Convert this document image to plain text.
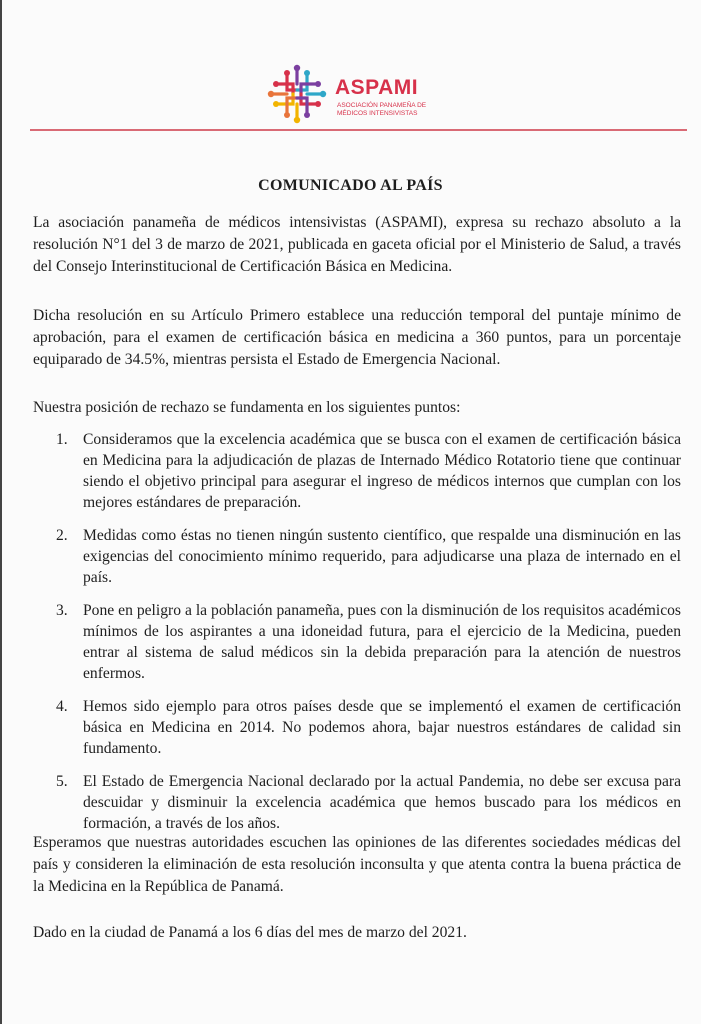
ASPAMI
ASOCIACIÓN PANAMEÑA DE MÉDICOS INTENSIVISTAS
COMUNICADO AL PAÍS

La asociación panameña de médicos intensivistas (ASPAMI), expresa su rechazo absoluto a la resolución N°1 del 3 de marzo de 2021, publicada en gaceta oficial por el Ministerio de Salud, a través del Consejo Interinstitucional de Certificación Básica en Medicina.

Dicha resolución en su Artículo Primero establece una reducción temporal del puntaje mínimo de aprobación, para el examen de certificación básica en medicina a 360 puntos, para un porcentaje equiparado de 34.5%, mientras persista el Estado de Emergencia Nacional.

Nuestra posición de rechazo se fundamenta en los siguientes puntos:

1. Consideramos que la excelencia académica que se busca con el examen de certificación básica en Medicina para la adjudicación de plazas de Internado Médico Rotatorio tiene que continuar siendo el objetivo principal para asegurar el ingreso de médicos internos que cumplan con los mejores estándares de preparación.
2. Medidas como éstas no tienen ningún sustento científico, que respalde una disminución en las exigencias del conocimiento mínimo requerido, para adjudicarse una plaza de internado en el país.
3. Pone en peligro a la población panameña, pues con la disminución de los requisitos académicos mínimos de los aspirantes a una idoneidad futura, para el ejercicio de la Medicina, pueden entrar al sistema de salud médicos sin la debida preparación para la atención de nuestros enfermos.
4. Hemos sido ejemplo para otros países desde que se implementó el examen de certificación básica en Medicina en 2014. No podemos ahora, bajar nuestros estándares de calidad sin fundamento.
5. El Estado de Emergencia Nacional declarado por la actual Pandemia, no debe ser excusa para descuidar y disminuir la excelencia académica que hemos buscado para los médicos en formación, a través de los años.

Esperamos que nuestras autoridades escuchen las opiniones de las diferentes sociedades médicas del país y consideren la eliminación de esta resolución inconsulta y que atenta contra la buena práctica de la Medicina en la República de Panamá.

Dado en la ciudad de Panamá a los 6 días del mes de marzo del 2021.
